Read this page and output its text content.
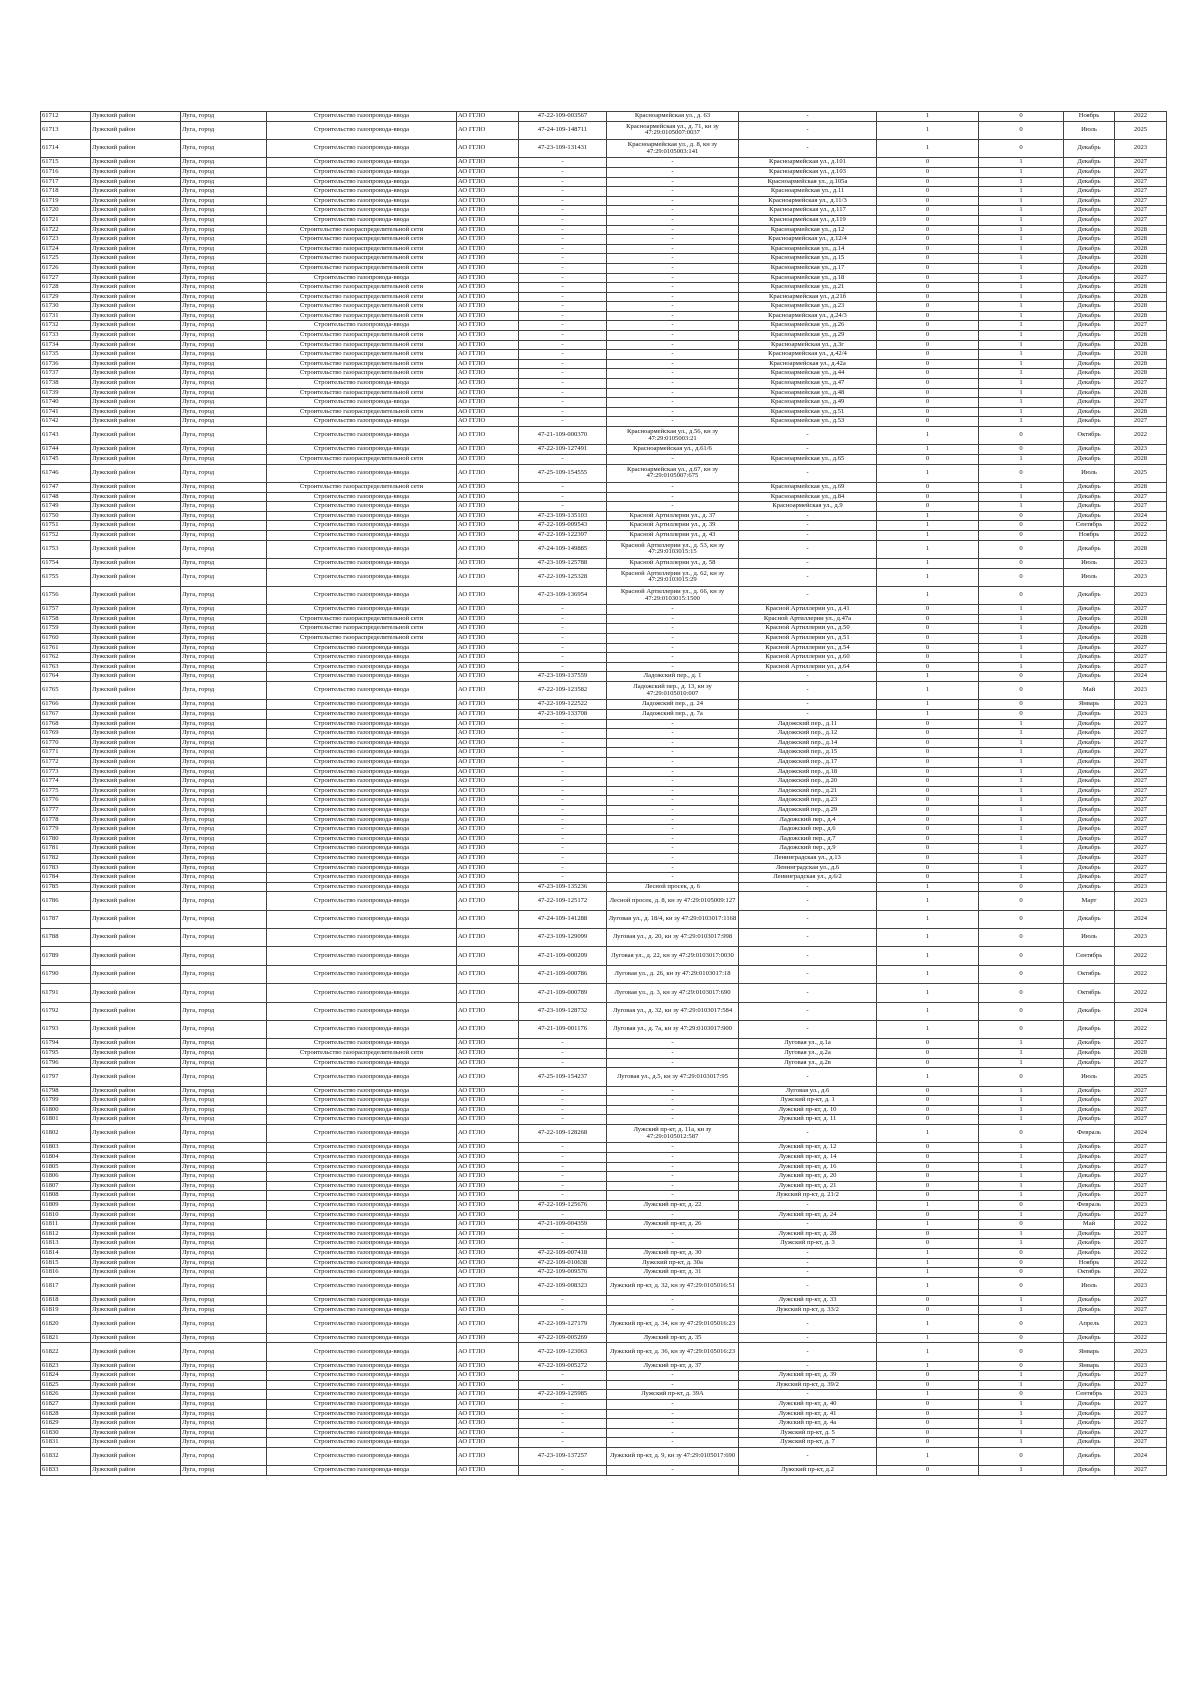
61712	Лужский район	Луга, город	Строительство газопровода-ввода	АО ГГЛО	47-22-109-003567	Красноармейская ул., д. 63	-	1	0	Ноябрь	2022
61713	Лужский район	Луга, город	Строительство газопровода-ввода	АО ГГЛО	47-24-109-148711	Красноармейская ул., д. 71, кн зу 47:29:0105007:0037	-	1	0	Июль	2025
61714	Лужский район	Луга, город	Строительство газопровода-ввода	АО ГГЛО	47-23-109-131431	Красноармейская ул., д. 8, кн зу 47:29:0105003:141	-	1	0	Декабрь	2023
61715	Лужский район	Луга, город	Строительство газопровода-ввода	АО ГГЛО	-	-	Красноармейская ул., д.101	0	1	Декабрь	2027
61716	Лужский район	Луга, город	Строительство газопровода-ввода	АО ГГЛО	-	-	Красноармейская ул., д.103	0	1	Декабрь	2027
61717	Лужский район	Луга, город	Строительство газопровода-ввода	АО ГГЛО	-	-	Красноармейская ул., д.105а	0	1	Декабрь	2027
61718	Лужский район	Луга, город	Строительство газопровода-ввода	АО ГГЛО	-	-	Красноармейская ул., д.11	0	1	Декабрь	2027
61719	Лужский район	Луга, город	Строительство газопровода-ввода	АО ГГЛО	-	-	Красноармейская ул., д.11/3	0	1	Декабрь	2027
61720	Лужский район	Луга, город	Строительство газопровода-ввода	АО ГГЛО	-	-	Красноармейская ул., д.117	0	1	Декабрь	2027
61721	Лужский район	Луга, город	Строительство газопровода-ввода	АО ГГЛО	-	-	Красноармейская ул., д.119	0	1	Декабрь	2027
61722	Лужский район	Луга, город	Строительство газораспределительной сети	АО ГГЛО	-	-	Красноармейская ул., д.12	0	1	Декабрь	2028
61723	Лужский район	Луга, город	Строительство газораспределительной сети	АО ГГЛО	-	-	Красноармейская ул., д.12/4	0	1	Декабрь	2028
61724	Лужский район	Луга, город	Строительство газораспределительной сети	АО ГГЛО	-	-	Красноармейская ул., д.14	0	1	Декабрь	2028
61725	Лужский район	Луга, город	Строительство газораспределительной сети	АО ГГЛО	-	-	Красноармейская ул., д.15	0	1	Декабрь	2028
61726	Лужский район	Луга, город	Строительство газораспределительной сети	АО ГГЛО	-	-	Красноармейская ул., д.17	0	1	Декабрь	2028
61727	Лужский район	Луга, город	Строительство газопровода-ввода	АО ГГЛО	-	-	Красноармейская ул., д.18	0	1	Декабрь	2027
61728	Лужский район	Луга, город	Строительство газораспределительной сети	АО ГГЛО	-	-	Красноармейская ул., д.21	0	1	Декабрь	2028
61729	Лужский район	Луга, город	Строительство газораспределительной сети	АО ГГЛО	-	-	Красноармейская ул., д.21б	0	1	Декабрь	2028
61730	Лужский район	Луга, город	Строительство газораспределительной сети	АО ГГЛО	-	-	Красноармейская ул., д.23	0	1	Декабрь	2028
61731	Лужский район	Луга, город	Строительство газораспределительной сети	АО ГГЛО	-	-	Красноармейская ул., д.24/3	0	1	Декабрь	2028
61732	Лужский район	Луга, город	Строительство газопровода-ввода	АО ГГЛО	-	-	Красноармейская ул., д.26	0	1	Декабрь	2027
61733	Лужский район	Луга, город	Строительство газораспределительной сети	АО ГГЛО	-	-	Красноармейская ул., д.29	0	1	Декабрь	2028
61734	Лужский район	Луга, город	Строительство газораспределительной сети	АО ГГЛО	-	-	Красноармейская ул., д.3г	0	1	Декабрь	2028
61735	Лужский район	Луга, город	Строительство газораспределительной сети	АО ГГЛО	-	-	Красноармейская ул., д.42/4	0	1	Декабрь	2028
61736	Лужский район	Луга, город	Строительство газораспределительной сети	АО ГГЛО	-	-	Красноармейская ул., д.42а	0	1	Декабрь	2028
61737	Лужский район	Луга, город	Строительство газораспределительной сети	АО ГГЛО	-	-	Красноармейская ул., д.44	0	1	Декабрь	2028
61738	Лужский район	Луга, город	Строительство газопровода-ввода	АО ГГЛО	-	-	Красноармейская ул., д.47	0	1	Декабрь	2027
61739	Лужский район	Луга, город	Строительство газораспределительной сети	АО ГГЛО	-	-	Красноармейская ул., д.48	0	1	Декабрь	2028
61740	Лужский район	Луга, город	Строительство газопровода-ввода	АО ГГЛО	-	-	Красноармейская ул., д.49	0	1	Декабрь	2027
61741	Лужский район	Луга, город	Строительство газораспределительной сети	АО ГГЛО	-	-	Красноармейская ул., д.51	0	1	Декабрь	2028
61742	Лужский район	Луга, город	Строительство газопровода-ввода	АО ГГЛО	-	-	Красноармейская ул., д.53	0	1	Декабрь	2027
61743	Лужский район	Луга, город	Строительство газопровода-ввода	АО ГГЛО	47-21-109-000370	Красноармейская ул., д.56, кн зу 47:29:0105003:21	-	1	0	Октябрь	2022
61744	Лужский район	Луга, город	Строительство газопровода-ввода	АО ГГЛО	47-22-109-127491	Красноармейская ул., д.61/6	-	1	0	Декабрь	2023
61745	Лужский район	Луга, город	Строительство газораспределительной сети	АО ГГЛО	-	-	Красноармейская ул., д.65	0	1	Декабрь	2028
61746	Лужский район	Луга, город	Строительство газопровода-ввода	АО ГГЛО	47-25-109-154555	Красноармейская ул., д.67, кн зу 47:29:0105007:675	-	1	0	Июль	2025
61747	Лужский район	Луга, город	Строительство газораспределительной сети	АО ГГЛО	-	-	Красноармейская ул., д.69	0	1	Декабрь	2028
61748	Лужский район	Луга, город	Строительство газопровода-ввода	АО ГГЛО	-	-	Красноармейская ул., д.84	0	1	Декабрь	2027
61749	Лужский район	Луга, город	Строительство газопровода-ввода	АО ГГЛО	-	-	Красноармейская ул., д.9	0	1	Декабрь	2027
61750	Лужский район	Луга, город	Строительство газопровода-ввода	АО ГГЛО	47-23-109-135103	Красной Артиллерии ул., д. 37	-	1	0	Декабрь	2024
61751	Лужский район	Луга, город	Строительство газопровода-ввода	АО ГГЛО	47-22-109-009543	Красной Артиллерии ул., д. 39	-	1	0	Сентябрь	2022
61752	Лужский район	Луга, город	Строительство газопровода-ввода	АО ГГЛО	47-22-109-122397	Красной Артиллерии ул., д. 43	-	1	0	Ноябрь	2022
61753	Лужский район	Луга, город	Строительство газопровода-ввода	АО ГГЛО	47-24-109-149885	Красной Артиллерии ул., д. 53, кн зу 47:29:0103015:15	-	1	0	Декабрь	2028
61754	Лужский район	Луга, город	Строительство газопровода-ввода	АО ГГЛО	47-23-109-125788	Красной Артиллерии ул., д. 58	-	1	0	Июль	2023
61755	Лужский район	Луга, город	Строительство газопровода-ввода	АО ГГЛО	47-22-109-125328	Красной Артиллерии ул., д. 62, кн зу 47:29:0103015:29	-	1	0	Июль	2023
61756	Лужский район	Луга, город	Строительство газопровода-ввода	АО ГГЛО	47-23-109-136954	Красной Артиллерии ул., д. 66, кн зу 47:29:0103015:1500	-	1	0	Декабрь	2023
61757	Лужский район	Луга, город	Строительство газопровода-ввода	АО ГГЛО	-	-	Красной Артиллерии ул., д.41	0	1	Декабрь	2027
61758	Лужский район	Луга, город	Строительство газораспределительной сети	АО ГГЛО	-	-	Красной Артиллерии ул., д.47а	0	1	Декабрь	2028
61759	Лужский район	Луга, город	Строительство газораспределительной сети	АО ГГЛО	-	-	Красной Артиллерии ул., д.50	0	1	Декабрь	2028
61760	Лужский район	Луга, город	Строительство газораспределительной сети	АО ГГЛО	-	-	Красной Артиллерии ул., д.51	0	1	Декабрь	2028
61761	Лужский район	Луга, город	Строительство газопровода-ввода	АО ГГЛО	-	-	Красной Артиллерии ул., д.54	0	1	Декабрь	2027
61762	Лужский район	Луга, город	Строительство газопровода-ввода	АО ГГЛО	-	-	Красной Артиллерии ул., д.60	0	1	Декабрь	2027
61763	Лужский район	Луга, город	Строительство газопровода-ввода	АО ГГЛО	-	-	Красной Артиллерии ул., д.64	0	1	Декабрь	2027
61764	Лужский район	Луга, город	Строительство газопровода-ввода	АО ГГЛО	47-23-109-137559	Ладожский пер., д. 1	-	1	0	Декабрь	2024
61765	Лужский район	Луга, город	Строительство газопровода-ввода	АО ГГЛО	47-22-109-123582	Ладожский пер., д. 13, кн зу 47:29:0105010:007	-	1	0	Май	2023
61766	Лужский район	Луга, город	Строительство газопровода-ввода	АО ГГЛО	47-22-109-122522	Ладожский пер., д. 24	-	1	0	Январь	2023
61767	Лужский район	Луга, город	Строительство газопровода-ввода	АО ГГЛО	47-23-109-133708	Ладожский пер., д. 7а	-	1	0	Декабрь	2023
61768	Лужский район	Луга, город	Строительство газопровода-ввода	АО ГГЛО	-	-	Ладожский пер., д.11	0	1	Декабрь	2027
61769	Лужский район	Луга, город	Строительство газопровода-ввода	АО ГГЛО	-	-	Ладожский пер., д.12	0	1	Декабрь	2027
61770	Лужский район	Луга, город	Строительство газопровода-ввода	АО ГГЛО	-	-	Ладожский пер., д.14	0	1	Декабрь	2027
61771	Лужский район	Луга, город	Строительство газопровода-ввода	АО ГГЛО	-	-	Ладожский пер., д.15	0	1	Декабрь	2027
61772	Лужский район	Луга, город	Строительство газопровода-ввода	АО ГГЛО	-	-	Ладожский пер., д.17	0	1	Декабрь	2027
61773	Лужский район	Луга, город	Строительство газопровода-ввода	АО ГГЛО	-	-	Ладожский пер., д.18	0	1	Декабрь	2027
61774	Лужский район	Луга, город	Строительство газопровода-ввода	АО ГГЛО	-	-	Ладожский пер., д.20	0	1	Декабрь	2027
61775	Лужский район	Луга, город	Строительство газопровода-ввода	АО ГГЛО	-	-	Ладожский пер., д.21	0	1	Декабрь	2027
61776	Лужский район	Луга, город	Строительство газопровода-ввода	АО ГГЛО	-	-	Ладожский пер., д.23	0	1	Декабрь	2027
61777	Лужский район	Луга, город	Строительство газопровода-ввода	АО ГГЛО	-	-	Ладожский пер., д.29	0	1	Декабрь	2027
61778	Лужский район	Луга, город	Строительство газопровода-ввода	АО ГГЛО	-	-	Ладожский пер., д.4	0	1	Декабрь	2027
61779	Лужский район	Луга, город	Строительство газопровода-ввода	АО ГГЛО	-	-	Ладожский пер., д.6	0	1	Декабрь	2027
61780	Лужский район	Луга, город	Строительство газопровода-ввода	АО ГГЛО	-	-	Ладожский пер., д.7	0	1	Декабрь	2027
61781	Лужский район	Луга, город	Строительство газопровода-ввода	АО ГГЛО	-	-	Ладожский пер., д.9	0	1	Декабрь	2027
61782	Лужский район	Луга, город	Строительство газопровода-ввода	АО ГГЛО	-	-	Ленинградская ул., д.13	0	1	Декабрь	2027
61783	Лужский район	Луга, город	Строительство газопровода-ввода	АО ГГЛО	-	-	Ленинградская ул., д.6	0	1	Декабрь	2027
61784	Лужский район	Луга, город	Строительство газопровода-ввода	АО ГГЛО	-	-	Ленинградская ул., д.6/2	0	1	Декабрь	2027
61785	Лужский район	Луга, город	Строительство газопровода-ввода	АО ГГЛО	47-23-109-135236	Лесной просек, д. 6	-	1	0	Декабрь	2023
61786	Лужский район	Луга, город	Строительство газопровода-ввода	АО ГГЛО	47-22-109-125172	Лесной просек, д. 8, кн зу 47:29:0105009:127	-	1	0	Март	2023
61787	Лужский район	Луга, город	Строительство газопровода-ввода	АО ГГЛО	47-24-109-141288	Луговая ул., д. 18/4, кн зу 47:29:0103017:1168	-	1	0	Декабрь	2024
61788	Лужский район	Луга, город	Строительство газопровода-ввода	АО ГГЛО	47-23-109-129099	Луговая ул., д. 20, кн зу 47:29:0103017:998	-	1	0	Июль	2023
61789	Лужский район	Луга, город	Строительство газопровода-ввода	АО ГГЛО	47-21-109-000209	Луговая ул., д. 22, кн зу 47:29:0103017:0030	-	1	0	Сентябрь	2022
61790	Лужский район	Луга, город	Строительство газопровода-ввода	АО ГГЛО	47-21-109-000786	Луговая ул., д. 26, кн зу 47:29:0103017:18	-	1	0	Октябрь	2022
61791	Лужский район	Луга, город	Строительство газопровода-ввода	АО ГГЛО	47-21-109-000789	Луговая ул., д. 3, кн зу 47:29:0103017:690	-	1	0	Октябрь	2022
61792	Лужский район	Луга, город	Строительство газопровода-ввода	АО ГГЛО	47-23-109-128732	Луговая ул., д. 32, кн зу 47:29:0103017:584	-	1	0	Декабрь	2024
61793	Лужский район	Луга, город	Строительство газопровода-ввода	АО ГГЛО	47-21-109-001176	Луговая ул., д. 7а, кн зу 47:29:0103017:900	-	1	0	Декабрь	2022
61794	Лужский район	Луга, город	Строительство газопровода-ввода	АО ГГЛО	-	-	Луговая ул., д.1а	0	1	Декабрь	2027
61795	Лужский район	Луга, город	Строительство газораспределительной сети	АО ГГЛО	-	-	Луговая ул., д.2а	0	1	Декабрь	2028
61796	Лужский район	Луга, город	Строительство газопровода-ввода	АО ГГЛО	-	-	Луговая ул., д.2в	0	1	Декабрь	2027
61797	Лужский район	Луга, город	Строительство газопровода-ввода	АО ГГЛО	47-25-109-154237	Луговая ул., д.5, кн зу 47:29:0103017:95	-	1	0	Июль	2025
61798	Лужский район	Луга, город	Строительство газопровода-ввода	АО ГГЛО	-	-	Луговая ул., д.6	0	1	Декабрь	2027
61799	Лужский район	Луга, город	Строительство газопровода-ввода	АО ГГЛО	-	-	Лужский пр-кт, д. 1	0	1	Декабрь	2027
61800	Лужский район	Луга, город	Строительство газопровода-ввода	АО ГГЛО	-	-	Лужский пр-кт, д. 10	0	1	Декабрь	2027
61801	Лужский район	Луга, город	Строительство газопровода-ввода	АО ГГЛО	-	-	Лужский пр-кт, д. 11	0	1	Декабрь	2027
61802	Лужский район	Луга, город	Строительство газопровода-ввода	АО ГГЛО	47-22-109-128268	Лужский пр-кт, д. 11а, кн зу 47:29:0105012:587	-	1	0	Февраль	2024
61803	Лужский район	Луга, город	Строительство газопровода-ввода	АО ГГЛО	-	-	Лужский пр-кт, д. 12	0	1	Декабрь	2027
61804	Лужский район	Луга, город	Строительство газопровода-ввода	АО ГГЛО	-	-	Лужский пр-кт, д. 14	0	1	Декабрь	2027
61805	Лужский район	Луга, город	Строительство газопровода-ввода	АО ГГЛО	-	-	Лужский пр-кт, д. 16	0	1	Декабрь	2027
61806	Лужский район	Луга, город	Строительство газопровода-ввода	АО ГГЛО	-	-	Лужский пр-кт, д. 20	0	1	Декабрь	2027
61807	Лужский район	Луга, город	Строительство газопровода-ввода	АО ГГЛО	-	-	Лужский пр-кт, д. 21	0	1	Декабрь	2027
61808	Лужский район	Луга, город	Строительство газопровода-ввода	АО ГГЛО	-	-	Лужский пр-кт, д. 21/2	0	1	Декабрь	2027
61809	Лужский район	Луга, город	Строительство газопровода-ввода	АО ГГЛО	47-22-109-125676	Лужский пр-кт, д. 22	-	1	0	Февраль	2023
61810	Лужский район	Луга, город	Строительство газопровода-ввода	АО ГГЛО	-	-	Лужский пр-кт, д. 24	0	1	Декабрь	2027
61811	Лужский район	Луга, город	Строительство газопровода-ввода	АО ГГЛО	47-21-109-004359	Лужский пр-кт, д. 26	-	1	0	Май	2022
61812	Лужский район	Луга, город	Строительство газопровода-ввода	АО ГГЛО	-	-	Лужский пр-кт, д. 28	0	1	Декабрь	2027
61813	Лужский район	Луга, город	Строительство газопровода-ввода	АО ГГЛО	-	-	Лужский пр-кт, д. 3	0	1	Декабрь	2027
61814	Лужский район	Луга, город	Строительство газопровода-ввода	АО ГГЛО	47-22-109-007418	Лужский пр-кт, д. 30	-	1	0	Декабрь	2022
61815	Лужский район	Луга, город	Строительство газопровода-ввода	АО ГГЛО	47-22-109-010638	Лужский пр-кт, д. 30а	-	1	0	Ноябрь	2022
61816	Лужский район	Луга, город	Строительство газопровода-ввода	АО ГГЛО	47-22-109-009576	Лужский пр-кт, д. 31	-	1	0	Октябрь	2022
61817	Лужский район	Луга, город	Строительство газопровода-ввода	АО ГГЛО	47-22-109-008323	Лужский пр-кт, д. 32, кн зу 47:29:0105016:51	-	1	0	Июль	2023
61818	Лужский район	Луга, город	Строительство газопровода-ввода	АО ГГЛО	-	-	Лужский пр-кт, д. 33	0	1	Декабрь	2027
61819	Лужский район	Луга, город	Строительство газопровода-ввода	АО ГГЛО	-	-	Лужский пр-кт, д. 33/2	0	1	Декабрь	2027
61820	Лужский район	Луга, город	Строительство газопровода-ввода	АО ГГЛО	47-22-109-127179	Лужский пр-кт, д. 34, кн зу 47:29:0105016:23	-	1	0	Апрель	2023
61821	Лужский район	Луга, город	Строительство газопровода-ввода	АО ГГЛО	47-22-109-005269	Лужский пр-кт, д. 35	-	1	0	Декабрь	2022
61822	Лужский район	Луга, город	Строительство газопровода-ввода	АО ГГЛО	47-22-109-123063	Лужский пр-кт, д. 36, кн зу 47:29:0105016:23	-	1	0	Январь	2023
61823	Лужский район	Луга, город	Строительство газопровода-ввода	АО ГГЛО	47-22-109-005272	Лужский пр-кт, д. 37	-	1	0	Январь	2023
61824	Лужский район	Луга, город	Строительство газопровода-ввода	АО ГГЛО	-	-	Лужский пр-кт, д. 39	0	1	Декабрь	2027
61825	Лужский район	Луга, город	Строительство газопровода-ввода	АО ГГЛО	-	-	Лужский пр-кт, д. 39/2	0	1	Декабрь	2027
61826	Лужский район	Луга, город	Строительство газопровода-ввода	АО ГГЛО	47-22-109-125985	Лужский пр-кт, д. 39А	-	1	0	Сентябрь	2023
61827	Лужский район	Луга, город	Строительство газопровода-ввода	АО ГГЛО	-	-	Лужский пр-кт, д. 40	0	1	Декабрь	2027
61828	Лужский район	Луга, город	Строительство газопровода-ввода	АО ГГЛО	-	-	Лужский пр-кт, д. 41	0	1	Декабрь	2027
61829	Лужский район	Луга, город	Строительство газопровода-ввода	АО ГГЛО	-	-	Лужский пр-кт, д. 4а	0	1	Декабрь	2027
61830	Лужский район	Луга, город	Строительство газопровода-ввода	АО ГГЛО	-	-	Лужский пр-кт, д. 5	0	1	Декабрь	2027
61831	Лужский район	Луга, город	Строительство газопровода-ввода	АО ГГЛО	-	-	Лужский пр-кт, д. 7	0	1	Декабрь	2027
61832	Лужский район	Луга, город	Строительство газопровода-ввода	АО ГГЛО	47-23-109-137257	Лужский пр-кт, д. 9, кн зу 47:29:0105017:690	-	1	0	Декабрь	2024
61833	Лужский район	Луга, город	Строительство газопровода-ввода	АО ГГЛО	-	-	Лужский пр-кт, д.2	0	1	Декабрь	2027
